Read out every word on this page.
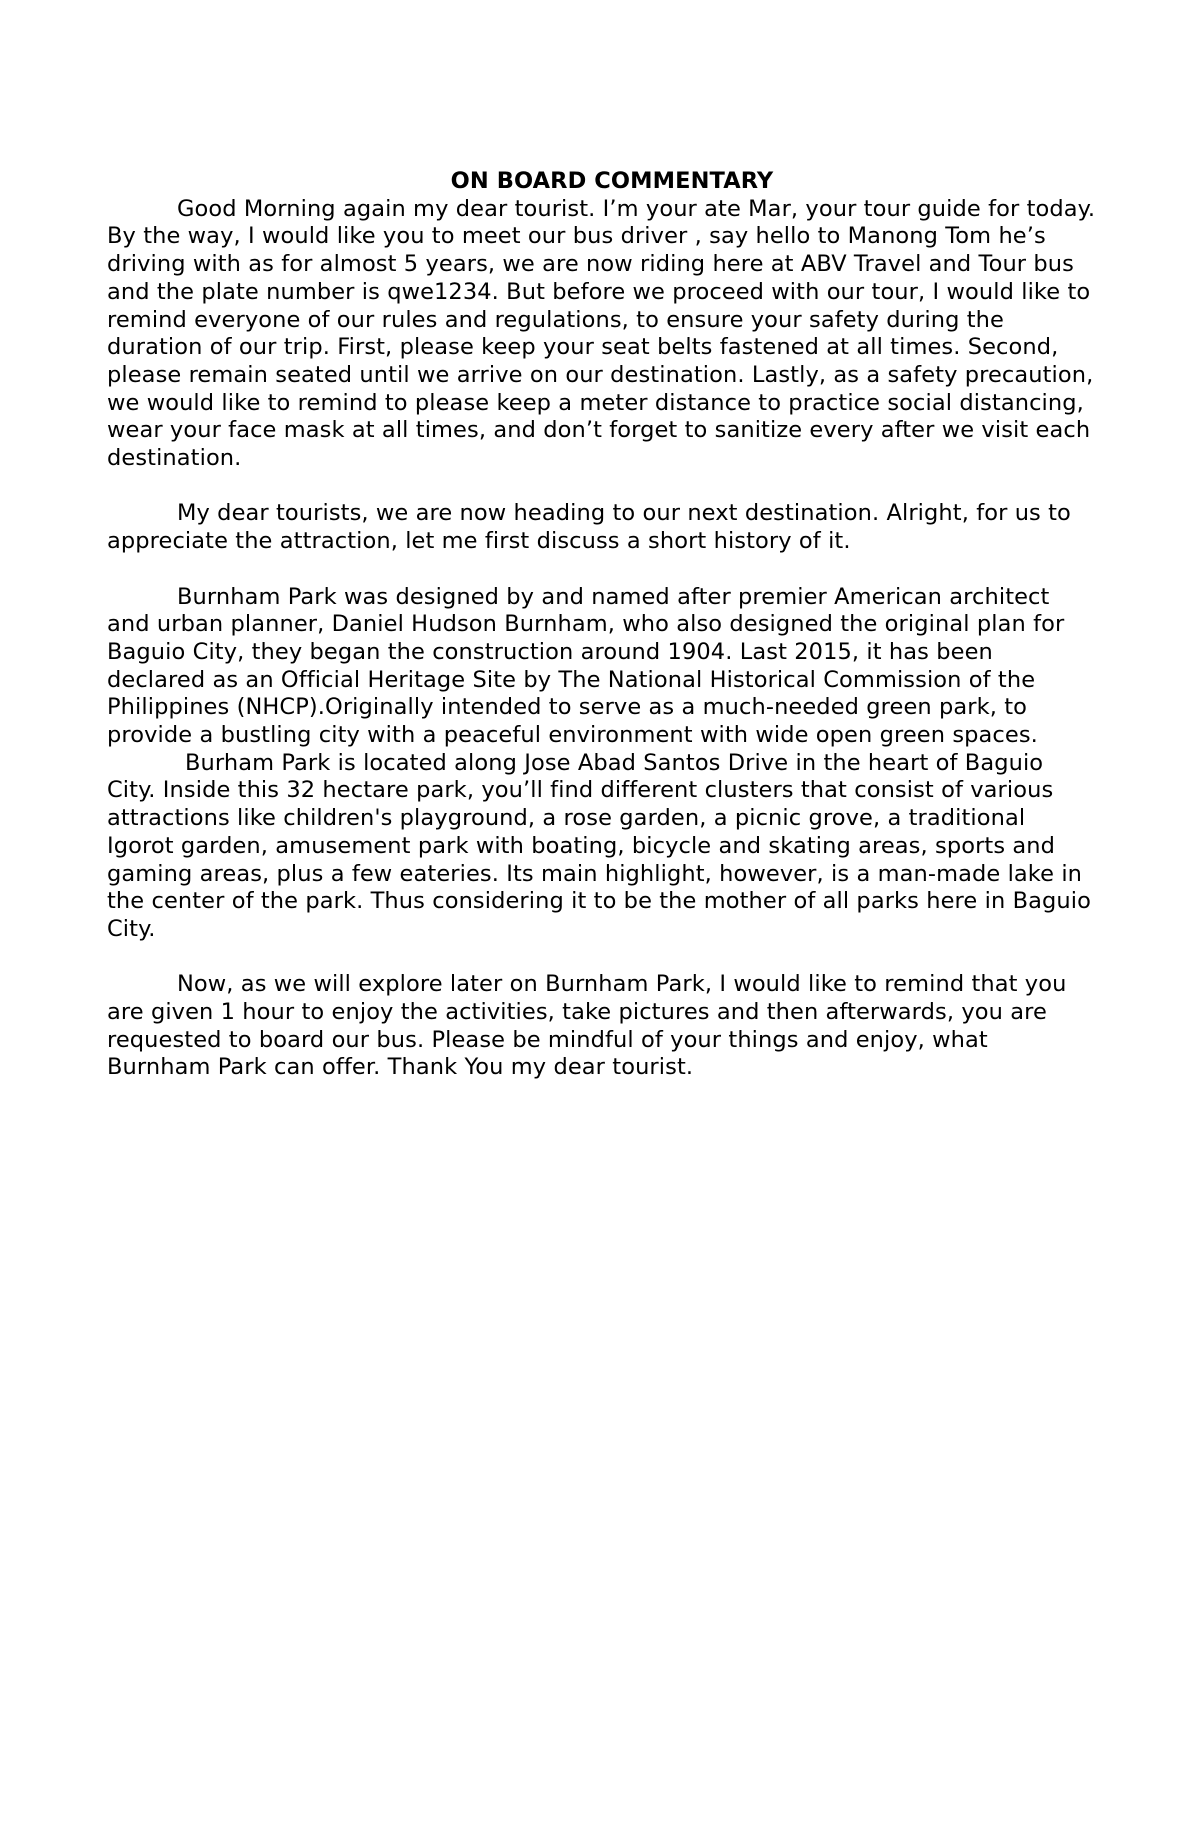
ON BOARD COMMENTARY

Good Morning again my dear tourist. I’m your ate Mar, your tour guide for today. By the way, I would like you to meet our bus driver , say hello to Manong Tom he’s driving with as for almost 5 years, we are now riding here at ABV Travel and Tour bus and the plate number is qwe1234. But before we proceed with our tour, I would like to remind everyone of our rules and regulations, to ensure your safety during the duration of our trip. First, please keep your seat belts fastened at all times. Second, please remain seated until we arrive on our destination. Lastly, as a safety precaution, we would like to remind to please keep a meter distance to practice social distancing, wear your face mask at all times, and don’t forget to sanitize every after we visit each destination.

My dear tourists, we are now heading to our next destination. Alright, for us to appreciate the attraction, let me first discuss a short history of it.

Burnham Park was designed by and named after premier American architect and urban planner, Daniel Hudson Burnham, who also designed the original plan for Baguio City, they began the construction around 1904. Last 2015, it has been declared as an Official Heritage Site by The National Historical Commission of the Philippines (NHCP).Originally intended to serve as a much-needed green park, to provide a bustling city with a peaceful environment with wide open green spaces.

Burham Park is located along Jose Abad Santos Drive in the heart of Baguio City. Inside this 32 hectare park, you’ll find different clusters that consist of various attractions like children's playground, a rose garden, a picnic grove, a traditional Igorot garden, amusement park with boating, bicycle and skating areas, sports and gaming areas, plus a few eateries. Its main highlight, however, is a man-made lake in the center of the park. Thus considering it to be the mother of all parks here in Baguio City.

Now, as we will explore later on Burnham Park, I would like to remind that you are given 1 hour to enjoy the activities, take pictures and then afterwards, you are requested to board our bus. Please be mindful of your things and enjoy, what Burnham Park can offer. Thank You my dear tourist.
